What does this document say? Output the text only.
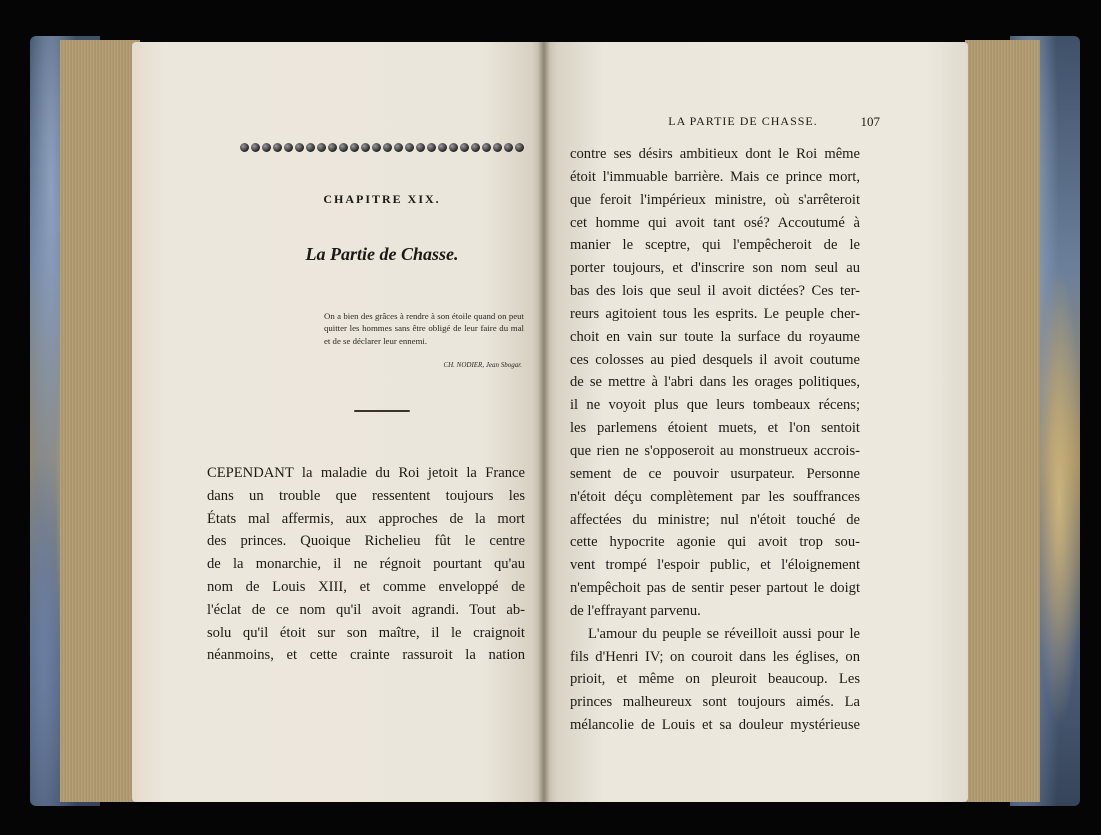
CHAPITRE XIX.
La Partie de Chasse.
On a bien des grâces à rendre à son étoile quand on peut quitter les hommes sans être obligé de leur faire du mal et de se déclarer leur ennemi.
CH. NODIER, Jean Sbogar.
CEPENDANT la maladie du Roi jetoit la France
dans un trouble que ressentent toujours les
États mal affermis, aux approches de la mort
des princes. Quoique Richelieu fût le centre
de la monarchie, il ne régnoit pourtant qu'au
nom de Louis XIII, et comme enveloppé de
l'éclat de ce nom qu'il avoit agrandi. Tout ab-
solu qu'il étoit sur son maître, il le craignoit
néanmoins, et cette crainte rassuroit la nation
LA PARTIE DE CHASSE.	107
contre ses désirs ambitieux dont le Roi même
étoit l'immuable barrière. Mais ce prince mort,
que feroit l'impérieux ministre, où s'arrêteroit
cet homme qui avoit tant osé? Accoutumé à
manier le sceptre, qui l'empêcheroit de le
porter toujours, et d'inscrire son nom seul au
bas des lois que seul il avoit dictées? Ces ter-
reurs agitoient tous les esprits. Le peuple cher-
choit en vain sur toute la surface du royaume
ces colosses au pied desquels il avoit coutume
de se mettre à l'abri dans les orages politiques,
il ne voyoit plus que leurs tombeaux récens;
les parlemens étoient muets, et l'on sentoit
que rien ne s'opposeroit au monstrueux accrois-
sement de ce pouvoir usurpateur. Personne
n'étoit déçu complètement par les souffrances
affectées du ministre; nul n'étoit touché de
cette hypocrite agonie qui avoit trop sou-
vent trompé l'espoir public, et l'éloignement
n'empêchoit pas de sentir peser partout le doigt
de l'effrayant parvenu.
L'amour du peuple se réveilloit aussi pour le
fils d'Henri IV; on couroit dans les églises, on
prioit, et même on pleuroit beaucoup. Les
princes malheureux sont toujours aimés. La
mélancolie de Louis et sa douleur mystérieuse
